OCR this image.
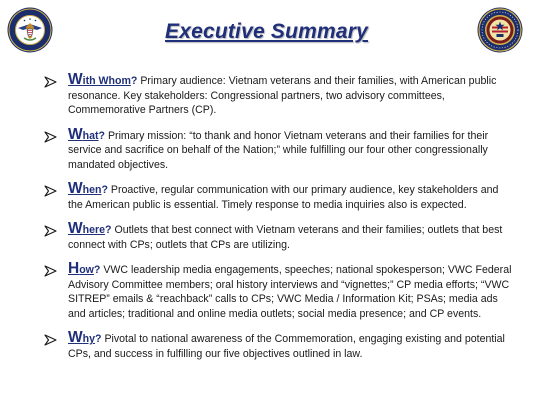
Executive Summary
With Whom? Primary audience: Vietnam veterans and their families, with American public resonance. Key stakeholders: Congressional partners, two advisory committees, Commemorative Partners (CP).
What? Primary mission: “to thank and honor Vietnam veterans and their families for their service and sacrifice on behalf of the Nation;” while fulfilling our four other congressionally mandated objectives.
When? Proactive, regular communication with our primary audience, key stakeholders and the American public is essential. Timely response to media inquiries also is expected.
Where? Outlets that best connect with Vietnam veterans and their families; outlets that best connect with CPs; outlets that CPs are utilizing.
How? VWC leadership media engagements, speeches; national spokesperson; VWC Federal Advisory Committee members; oral history interviews and “vignettes;” CP media efforts; “VWC SITREP” emails & “reachback” calls to CPs; VWC Media / Information Kit; PSAs; media ads and articles; traditional and online media outlets; social media presence; and CP events.
Why? Pivotal to national awareness of the Commemoration, engaging existing and potential CPs, and success in fulfilling our five objectives outlined in law.
